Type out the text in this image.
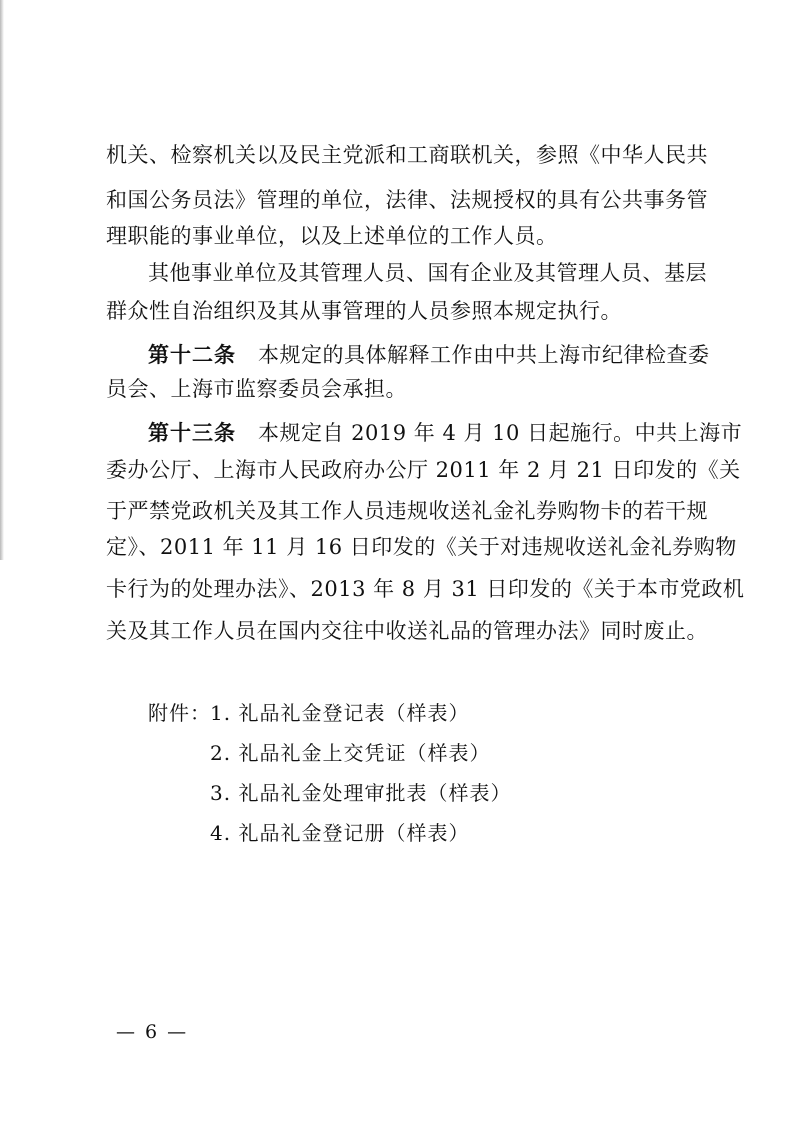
机关、检察机关以及民主党派和工商联机关，参照《中华人民共
和国公务员法》管理的单位，法律、法规授权的具有公共事务管
理职能的事业单位，以及上述单位的工作人员。
其他事业单位及其管理人员、国有企业及其管理人员、基层
群众性自治组织及其从事管理的人员参照本规定执行。
第十二条 本规定的具体解释工作由中共上海市纪律检查委
员会、上海市监察委员会承担。
第十三条 本规定自 2019 年 4 月 10 日起施行。中共上海市
委办公厅、上海市人民政府办公厅 2011 年 2 月 21 日印发的《关
于严禁党政机关及其工作人员违规收送礼金礼券购物卡的若干规
定》、2011 年 11 月 16 日印发的《关于对违规收送礼金礼券购物
卡行为的处理办法》、2013 年 8 月 31 日印发的《关于本市党政机
关及其工作人员在国内交往中收送礼品的管理办法》同时废止。
附件： 1. 礼品礼金登记表（样表）
2. 礼品礼金上交凭证（样表）
3. 礼品礼金处理审批表（样表）
4. 礼品礼金登记册（样表）
— 6 —
